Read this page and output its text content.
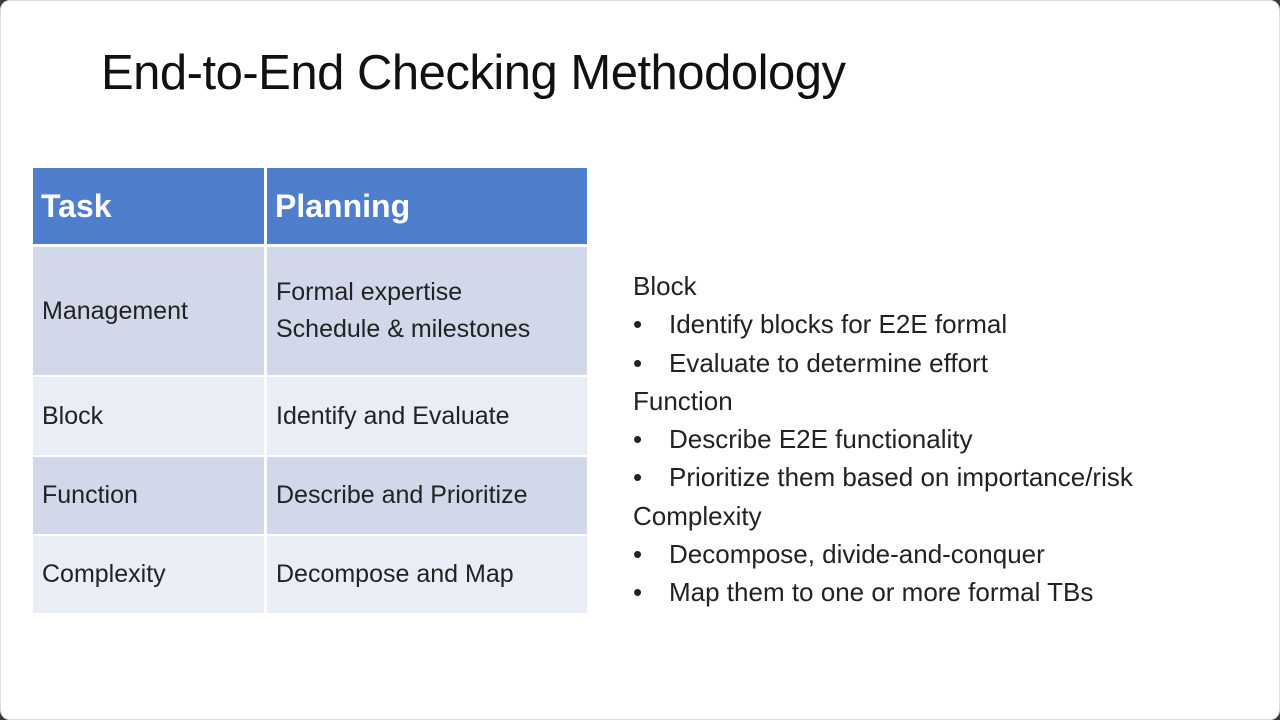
End-to-End Checking Methodology
Task	Planning
Management	Formal expertise
Schedule & milestones

Block	Identify and Evaluate

Function	Describe and Prioritize

Complexity	Decompose and Map
Block
• Identify blocks for E2E formal
• Evaluate to determine effort
Function
• Describe E2E functionality
• Prioritize them based on importance/risk
Complexity
• Decompose, divide-and-conquer
• Map them to one or more formal TBs
